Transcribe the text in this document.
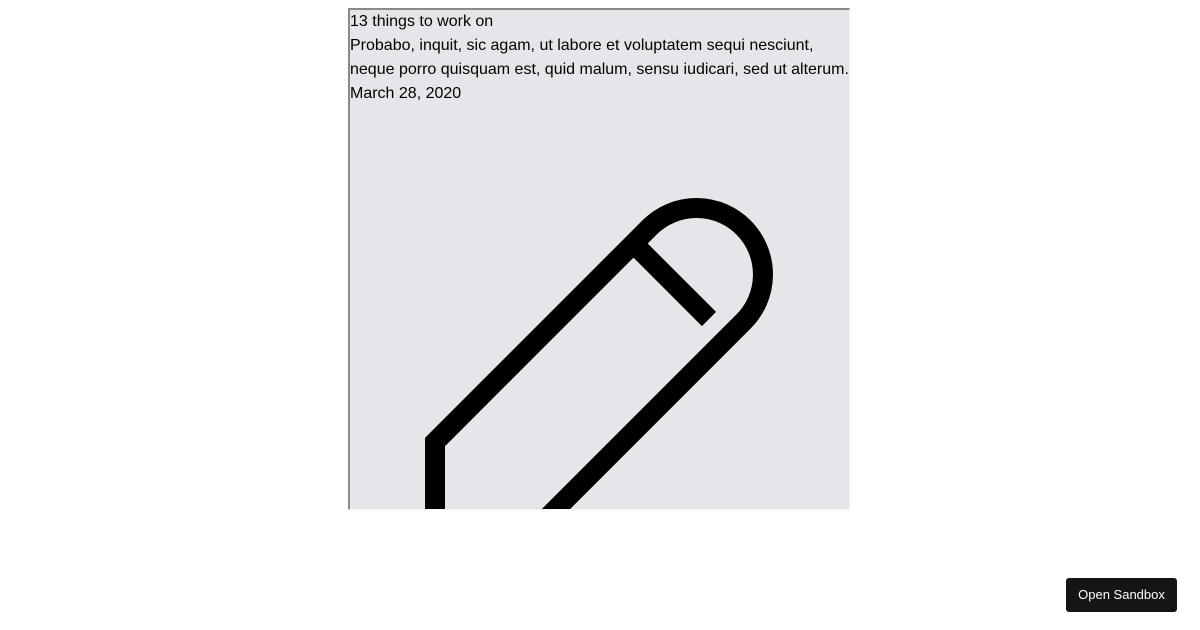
13 things to work on
Probabo, inquit, sic agam, ut labore et voluptatem sequi nesciunt, neque porro quisquam est, quid malum, sensu iudicari, sed ut alterum.
March 28, 2020
Open Sandbox
